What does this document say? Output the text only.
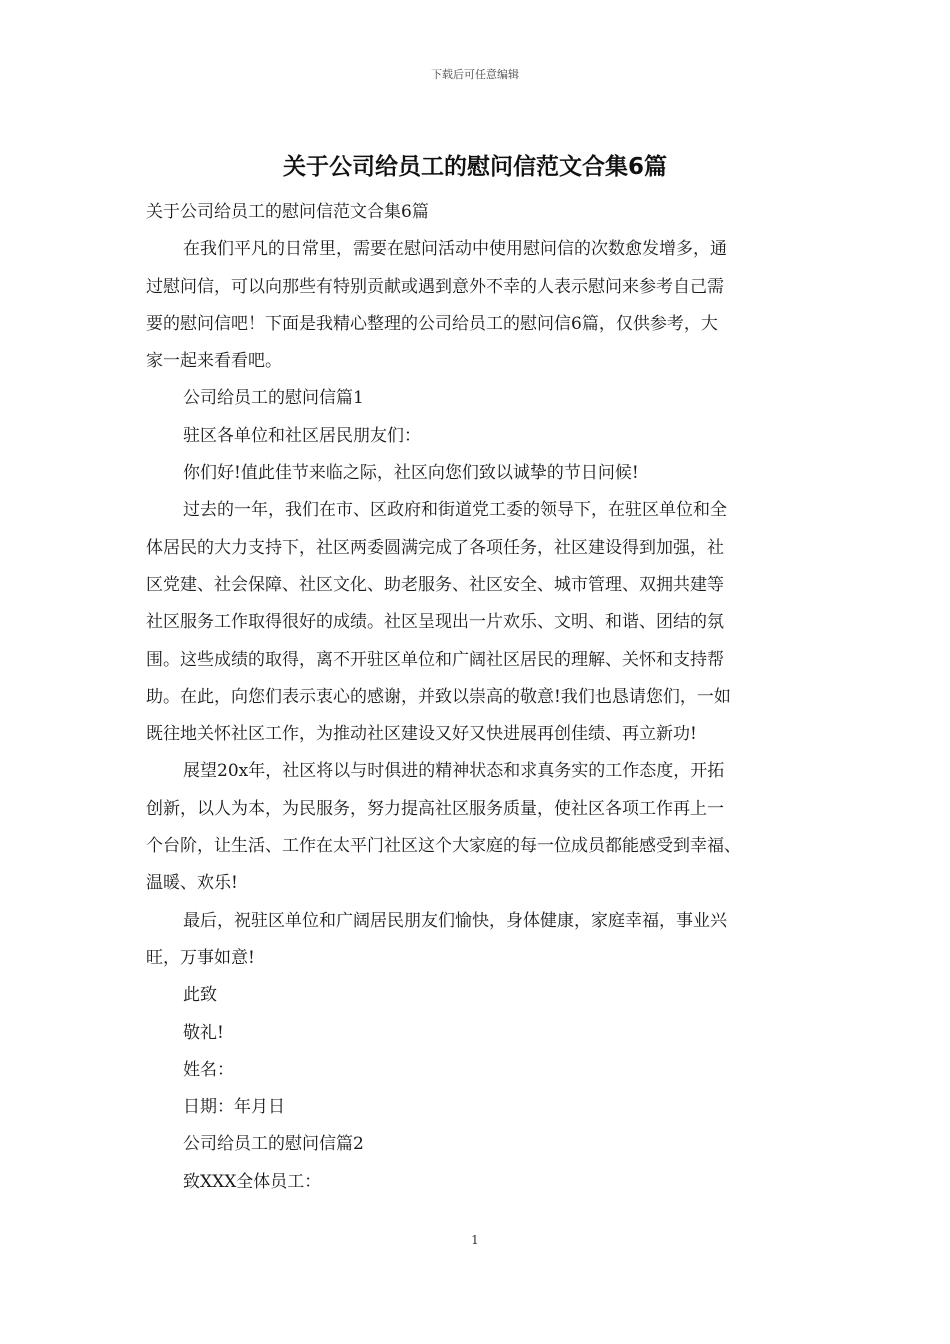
下载后可任意编辑
关于公司给员工的慰问信范文合集6篇
关于公司给员工的慰问信范文合集6篇
在我们平凡的日常里，需要在慰问活动中使用慰问信的次数愈发增多，通
过慰问信，可以向那些有特别贡献或遇到意外不幸的人表示慰问来参考自己需
要的慰问信吧！下面是我精心整理的公司给员工的慰问信6篇，仅供参考，大
家一起来看看吧。
公司给员工的慰问信篇1
驻区各单位和社区居民朋友们：
你们好!值此佳节来临之际，社区向您们致以诚挚的节日问候!
过去的一年，我们在市、区政府和街道党工委的领导下，在驻区单位和全
体居民的大力支持下，社区两委圆满完成了各项任务，社区建设得到加强，社
区党建、社会保障、社区文化、助老服务、社区安全、城市管理、双拥共建等
社区服务工作取得很好的成绩。社区呈现出一片欢乐、文明、和谐、团结的氛
围。这些成绩的取得，离不开驻区单位和广阔社区居民的理解、关怀和支持帮
助。在此，向您们表示衷心的感谢，并致以崇高的敬意!我们也恳请您们，一如
既往地关怀社区工作，为推动社区建设又好又快进展再创佳绩、再立新功!
展望20x年，社区将以与时俱进的精神状态和求真务实的工作态度，开拓
创新，以人为本，为民服务，努力提高社区服务质量，使社区各项工作再上一
个台阶，让生活、工作在太平门社区这个大家庭的每一位成员都能感受到幸福、
温暖、欢乐!
最后，祝驻区单位和广阔居民朋友们愉快，身体健康，家庭幸福，事业兴
旺，万事如意!
此致
敬礼!
姓名：
日期：年月日
公司给员工的慰问信篇2
致XXX全体员工：
1
